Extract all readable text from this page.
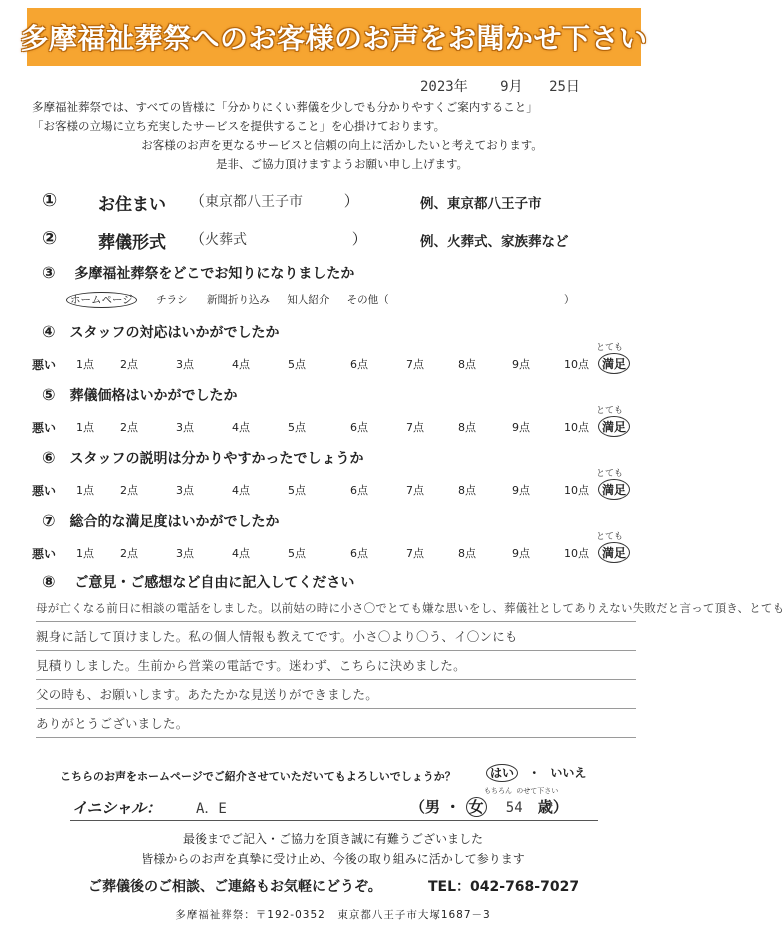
多摩福祉葬祭へのお客様のお声をお聞かせ下さい
2023年 9月 25日
多摩福祉葬祭では、すべての皆様に「分かりにくい葬儀を少しでも分かりやすくご案内すること」
「お客様の立場に立ち充実したサービスを提供すること」を心掛けております。
お客様のお声を更なるサービスと信頼の向上に活かしたいと考えております。
是非、ご協力頂けますようお願い申し上げます。
① お住まい （東京都八王子市	）	例、東京都八王子市
② 葬儀形式 （火葬式	）	例、火葬式、家族葬など
③ 多摩福祉葬祭をどこでお知りになりましたか
ホームページ チラシ 新聞折り込み 知人紹介 その他（	）
④ スタッフの対応はいかがでしたか
とても
悪い 1点 2点	3点	4点	5点	6点	7点	8点	9点	10点	満足
⑤ 葬儀価格はいかがでしたか
とても
悪い 1点 2点	3点	4点	5点	6点	7点	8点	9点	10点	満足
⑥ スタッフの説明は分かりやすかったでしょうか
とても
悪い 1点 2点	3点	4点	5点	6点	7点	8点	9点	10点	満足
⑦ 総合的な満足度はいかがでしたか
とても
悪い 1点 2点	3点	4点	5点	6点	7点	8点	9点	10点	満足
⑧ ご意見・ご感想など自由に記入してください
母が亡くなる前日に相談の電話をしました。以前姑の時に小さ〇でとても嫌な思いをし、葬儀社としてありえない失敗だと言って頂き、とても
親身に話して頂けました。私の個人情報も教えてです。小さ〇より〇う、イ〇ンにも
見積りしました。生前から営業の電話です。迷わず、こちらに決めました。
父の時も、お願いします。あたたかな見送りができました。
ありがとうございました。
こちらのお声をホームページでご紹介させていただいてもよろしいでしょうか？	はい ・ いいえ
もちろん のせて下さい
イニシャル： A．E	（男 ・ 女 54 歳）
最後までご記入・ご協力を頂き誠に有難うございました
皆様からのお声を真摯に受け止め、今後の取り組みに活かして参ります
ご葬儀後のご相談、ご連絡もお気軽にどうぞ。	TEL：042-768-7027
多摩福祉葬祭：〒192-0352　東京都八王子市大塚1687－3
